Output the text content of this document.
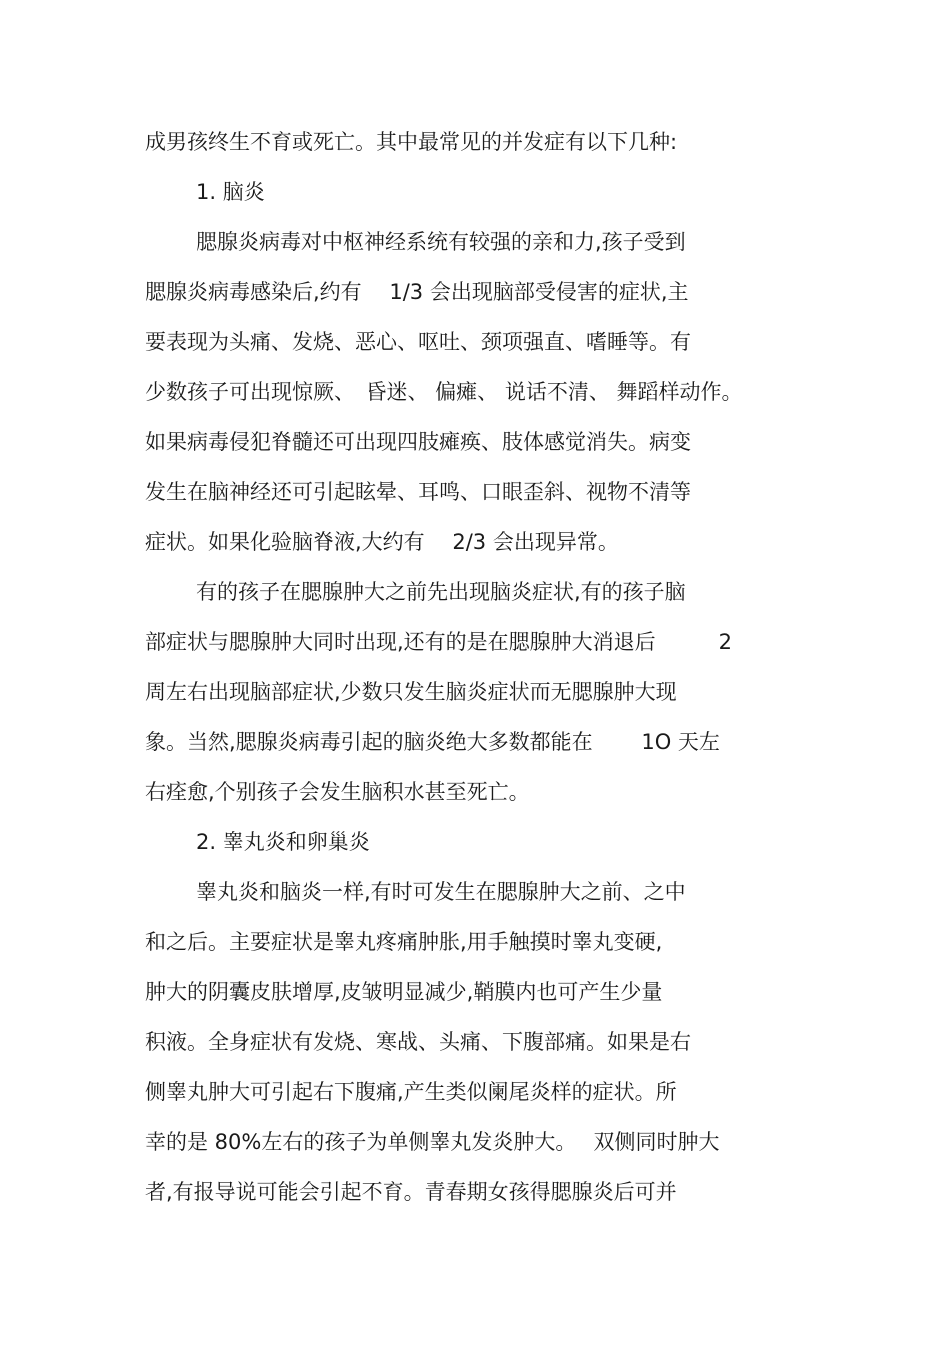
成男孩终生不育或死亡。其中最常见的并发症有以下几种:
1. 脑炎
腮腺炎病毒对中枢神经系统有较强的亲和力,孩子受到
腮腺炎病毒感染后,约有　 1/3 会出现脑部受侵害的症状,主
要表现为头痛、发烧、恶心、呕吐、颈项强直、嗜睡等。有
少数孩子可出现惊厥、　昏迷、 偏瘫、 说话不清、 舞蹈样动作。
如果病毒侵犯脊髓还可出现四肢瘫痪、肢体感觉消失。病变
发生在脑神经还可引起眩晕、耳鸣、口眼歪斜、视物不清等
症状。如果化验脑脊液,大约有　 2/3 会出现异常。
有的孩子在腮腺肿大之前先出现脑炎症状,有的孩子脑
部症状与腮腺肿大同时出现,还有的是在腮腺肿大消退后　　　2
周左右出现脑部症状,少数只发生脑炎症状而无腮腺肿大现
象。当然,腮腺炎病毒引起的脑炎绝大多数都能在　　 1O 天左
右痊愈,个别孩子会发生脑积水甚至死亡。
2. 睾丸炎和卵巢炎
睾丸炎和脑炎一样,有时可发生在腮腺肿大之前、之中
和之后。主要症状是睾丸疼痛肿胀,用手触摸时睾丸变硬,
肿大的阴囊皮肤增厚,皮皱明显减少,鞘膜内也可产生少量
积液。全身症状有发烧、寒战、头痛、下腹部痛。如果是右
侧睾丸肿大可引起右下腹痛,产生类似阑尾炎样的症状。所
幸的是 80%左右的孩子为单侧睾丸发炎肿大。　 双侧同时肿大
者,有报导说可能会引起不育。青春期女孩得腮腺炎后可并
